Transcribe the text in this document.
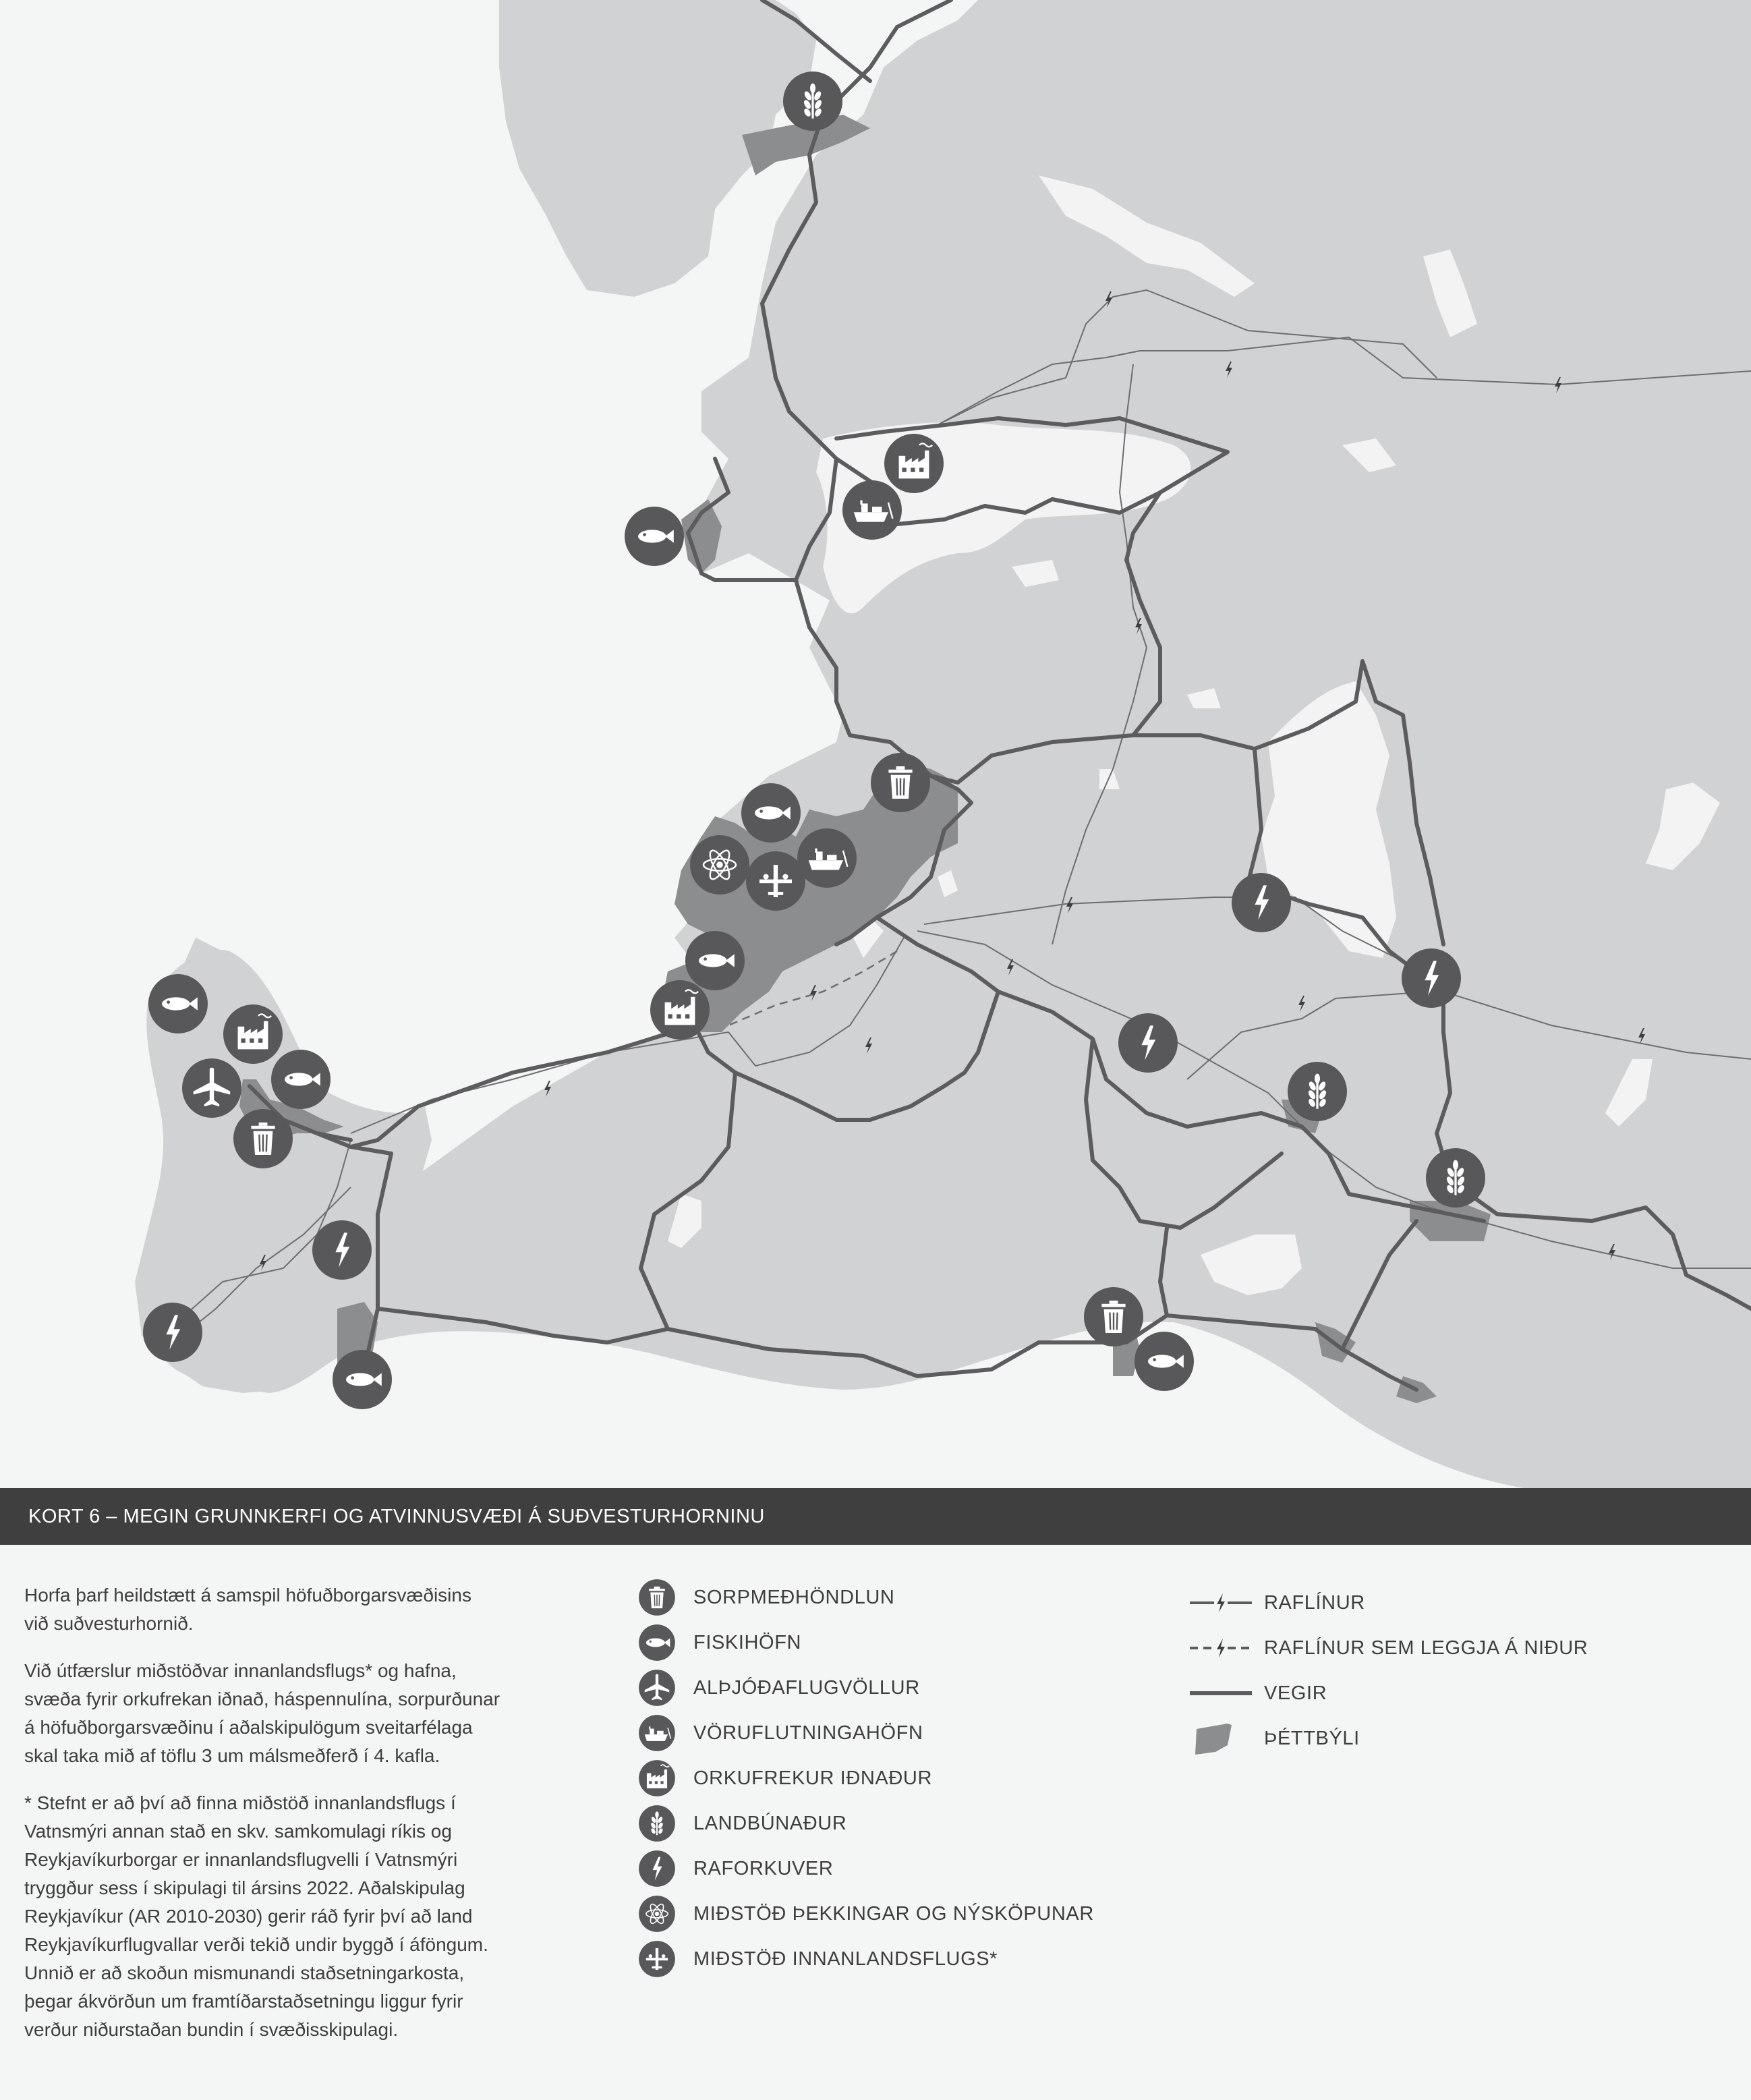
KORT 6 – MEGIN GRUNNKERFI OG ATVINNUSVÆÐI Á SUÐVESTURHORNINU

Horfa þarf heildstætt á samspil höfuðborgarsvæðisins
við suðvesturhornið.

Við útfærslur miðstöðvar innanlandsflugs* og hafna,
svæða fyrir orkufrekan iðnað, háspennulína, sorpurðunar
á höfuðborgarsvæðinu í aðalskipulögum sveitarfélaga
skal taka mið af töflu 3 um málsmeðferð í 4. kafla.

* Stefnt er að því að finna miðstöð innanlandsflugs í
Vatnsmýri annan stað en skv. samkomulagi ríkis og
Reykjavíkurborgar er innanlandsflugvelli í Vatnsmýri
tryggður sess í skipulagi til ársins 2022. Aðalskipulag
Reykjavíkur (AR 2010-2030) gerir ráð fyrir því að land
Reykjavíkurflugvallar verði tekið undir byggð í áföngum.
Unnið er að skoðun mismunandi staðsetningarkosta,
þegar ákvörðun um framtíðarstaðsetningu liggur fyrir
verður niðurstaðan bundin í svæðisskipulagi.

SORPMEÐHÖNDLUN
FISKIHÖFN
ALÞJÓÐAFLUGVÖLLUR
VÖRUFLUTNINGAHÖFN
ORKUFREKUR IÐNAÐUR
LANDBÚNAÐUR
RAFORKUVER
MIÐSTÖÐ ÞEKKINGAR OG NÝSKÖPUNAR
MIÐSTÖÐ INNANLANDSFLUGS*
RAFLÍNUR
RAFLÍNUR SEM LEGGJA Á NIÐUR
VEGIR
ÞÉTTBÝLI
